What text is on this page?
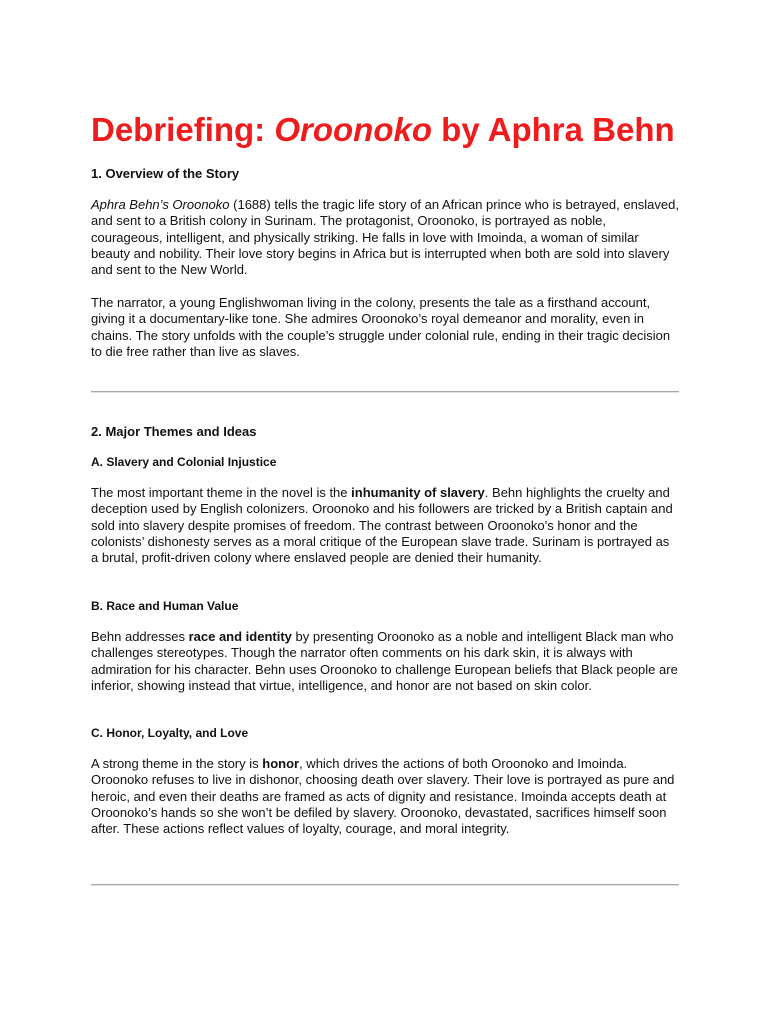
Debriefing: Oroonoko by Aphra Behn
1. Overview of the Story

Aphra Behn’s Oroonoko (1688) tells the tragic life story of an African prince who is betrayed, enslaved, and sent to a British colony in Surinam. The protagonist, Oroonoko, is portrayed as noble, courageous, intelligent, and physically striking. He falls in love with Imoinda, a woman of similar beauty and nobility. Their love story begins in Africa but is interrupted when both are sold into slavery and sent to the New World.

The narrator, a young Englishwoman living in the colony, presents the tale as a firsthand account, giving it a documentary-like tone. She admires Oroonoko’s royal demeanor and morality, even in chains. The story unfolds with the couple’s struggle under colonial rule, ending in their tragic decision to die free rather than live as slaves.

2. Major Themes and Ideas
A. Slavery and Colonial Injustice

The most important theme in the novel is the inhumanity of slavery. Behn highlights the cruelty and deception used by English colonizers. Oroonoko and his followers are tricked by a British captain and sold into slavery despite promises of freedom. The contrast between Oroonoko’s honor and the colonists’ dishonesty serves as a moral critique of the European slave trade. Surinam is portrayed as a brutal, profit-driven colony where enslaved people are denied their humanity.

B. Race and Human Value

Behn addresses race and identity by presenting Oroonoko as a noble and intelligent Black man who challenges stereotypes. Though the narrator often comments on his dark skin, it is always with admiration for his character. Behn uses Oroonoko to challenge European beliefs that Black people are inferior, showing instead that virtue, intelligence, and honor are not based on skin color.

C. Honor, Loyalty, and Love

A strong theme in the story is honor, which drives the actions of both Oroonoko and Imoinda. Oroonoko refuses to live in dishonor, choosing death over slavery. Their love is portrayed as pure and heroic, and even their deaths are framed as acts of dignity and resistance. Imoinda accepts death at Oroonoko’s hands so she won’t be defiled by slavery. Oroonoko, devastated, sacrifices himself soon after. These actions reflect values of loyalty, courage, and moral integrity.
